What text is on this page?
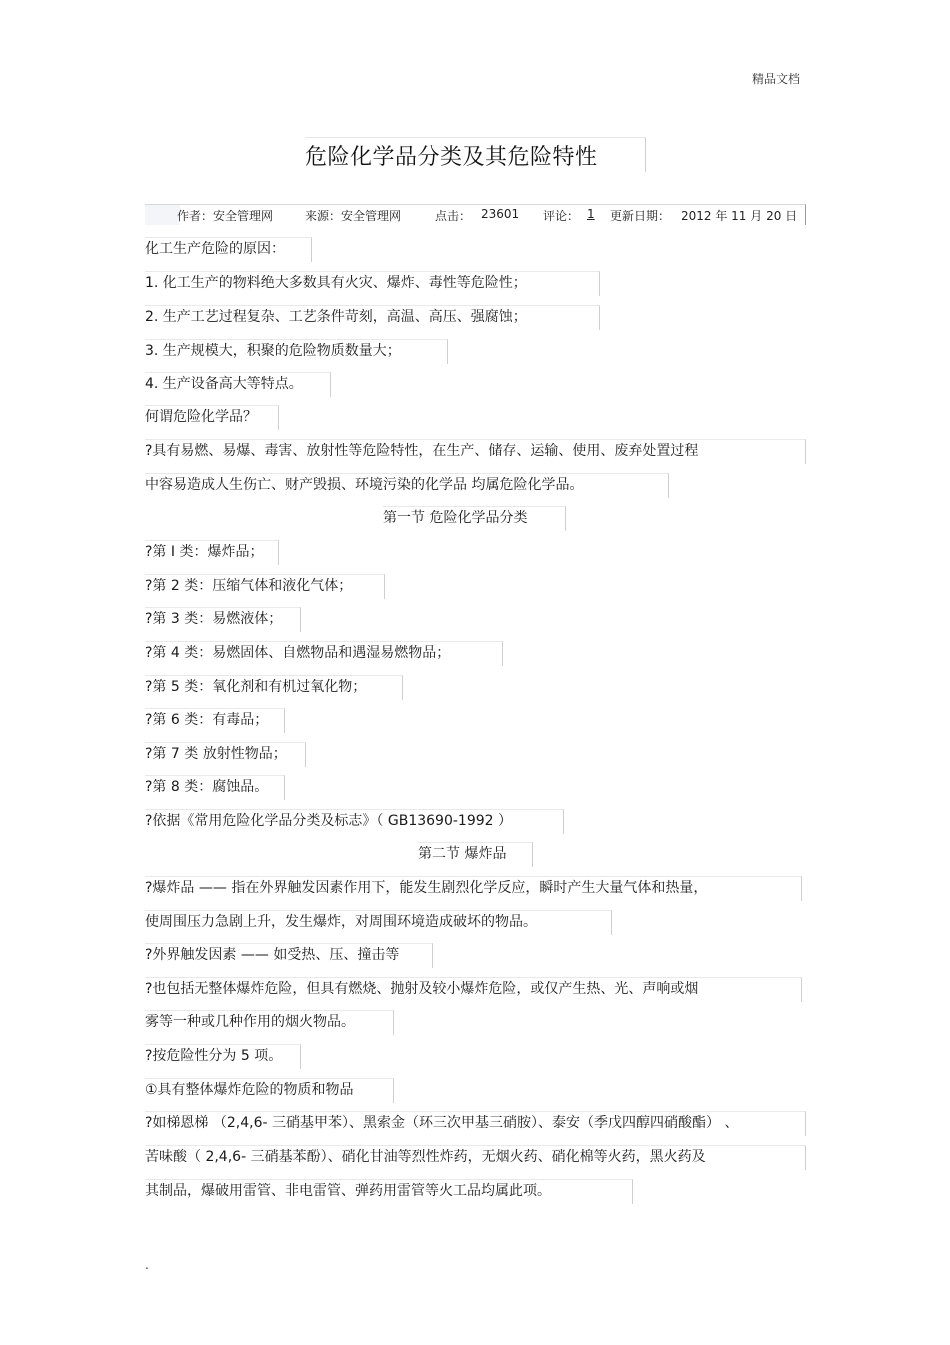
精品文档
危险化学品分类及其危险特性
作者：安全管理网	来源：安全管理网	点击： 23601 评论： 1 更新日期： 2012 年 11 月 20 日
化工生产危险的原因：
1. 化工生产的物料绝大多数具有火灾、爆炸、毒性等危险性；
2. 生产工艺过程复杂、工艺条件苛刻，高温、高压、强腐蚀；
3. 生产规模大，积聚的危险物质数量大；
4. 生产设备高大等特点。
何谓危险化学品？
?具有易燃、易爆、毒害、放射性等危险特性，在生产、储存、运输、使用、废弃处置过程
中容易造成人生伤亡、财产毁损、环境污染的化学品 均属危险化学品。
第一节 危险化学品分类
?第 I 类：爆炸品；
?第 2 类：压缩气体和液化气体；
?第 3 类：易燃液体；
?第 4 类：易燃固体、自燃物品和遇湿易燃物品；
?第 5 类：氧化剂和有机过氧化物；
?第 6 类：有毒品；
?第 7 类 放射性物品；
?第 8 类：腐蚀品。
?依据《常用危险化学品分类及标志》（ GB13690-1992 ）
第二节 爆炸品
?爆炸品 —— 指在外界触发因素作用下，能发生剧烈化学反应，瞬时产生大量气体和热量，
使周围压力急剧上升，发生爆炸，对周围环境造成破坏的物品。
?外界触发因素 —— 如受热、压、撞击等
?也包括无整体爆炸危险，但具有燃烧、抛射及较小爆炸危险，或仅产生热、光、声响或烟
雾等一种或几种作用的烟火物品。
?按危险性分为 5 项。
①具有整体爆炸危险的物质和物品
?如梯恩梯 （2,4,6- 三硝基甲苯）、黑索金（环三次甲基三硝胺）、泰安（季戊四醇四硝酸酯） 、
苦味酸（ 2,4,6- 三硝基苯酚）、硝化甘油等烈性炸药，无烟火药、硝化棉等火药，黑火药及
其制品，爆破用雷管、非电雷管、弹药用雷管等火工品均属此项。
.
